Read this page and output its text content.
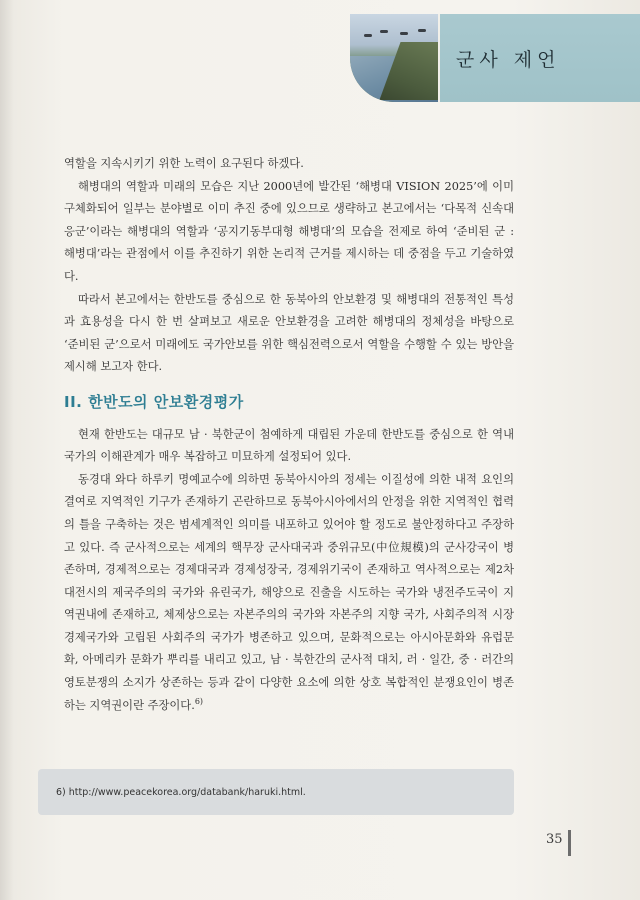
군사 제언

역할을 지속시키기 위한 노력이 요구된다 하겠다.

해병대의 역할과 미래의 모습은 지난 2000년에 발간된 ‘해병대 VISION 2025’에 이미 구체화되어 일부는 분야별로 이미 추진 중에 있으므로 생략하고 본고에서는 ‘다목적 신속대응군’이라는 해병대의 역할과 ‘공지기동부대형 해병대’의 모습을 전제로 하여 ‘준비된 군 : 해병대’라는 관점에서 이를 추진하기 위한 논리적 근거를 제시하는 데 중점을 두고 기술하였다.

따라서 본고에서는 한반도를 중심으로 한 동북아의 안보환경 및 해병대의 전통적인 특성과 효용성을 다시 한 번 살펴보고 새로운 안보환경을 고려한 해병대의 정체성을 바탕으로 ‘준비된 군’으로서 미래에도 국가안보를 위한 핵심전력으로서 역할을 수행할 수 있는 방안을 제시해 보고자 한다.

II. 한반도의 안보환경평가

현재 한반도는 대규모 남 · 북한군이 첨예하게 대립된 가운데 한반도를 중심으로 한 역내 국가의 이해관계가 매우 복잡하고 미묘하게 설정되어 있다.

동경대 와다 하루키 명예교수에 의하면 동북아시아의 정세는 이질성에 의한 내적 요인의 결여로 지역적인 기구가 존재하기 곤란하므로 동북아시아에서의 안정을 위한 지역적인 협력의 틀을 구축하는 것은 범세계적인 의미를 내포하고 있어야 할 정도로 불안정하다고 주장하고 있다. 즉 군사적으로는 세계의 핵무장 군사대국과 중위규모(中位規模)의 군사강국이 병존하며, 경제적으로는 경제대국과 경제성장국, 경제위기국이 존재하고 역사적으로는 제2차대전시의 제국주의의 국가와 유린국가, 해양으로 진출을 시도하는 국가와 냉전주도국이 지역권내에 존재하고, 체제상으로는 자본주의의 국가와 자본주의 지향 국가, 사회주의적 시장경제국가와 고립된 사회주의 국가가 병존하고 있으며, 문화적으로는 아시아문화와 유럽문화, 아메리카 문화가 뿌리를 내리고 있고, 남 · 북한간의 군사적 대치, 러 · 일간, 중 · 러간의 영토분쟁의 소지가 상존하는 등과 같이 다양한 요소에 의한 상호 복합적인 분쟁요인이 병존하는 지역권이란 주장이다.$^{6)}$

6) http://www.peacekorea.org/databank/haruki.html.
35
